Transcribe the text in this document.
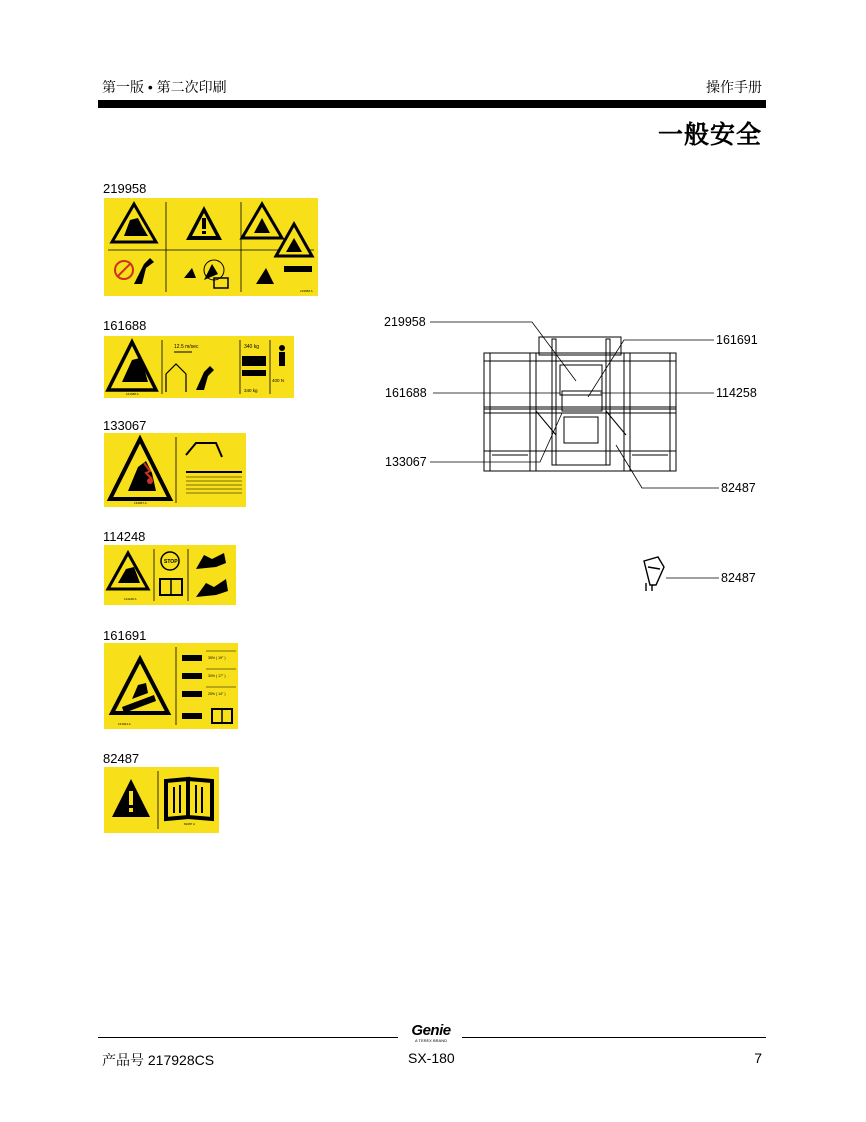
第一版 • 第二次印刷	操作手册
一般安全
219958
219958 A
161688
12.5 m/sec	340 kg
400 N
340 kg
161688 A
133067
133067 A
114248
STOP
114248 A
161691
35% ( 19° )
30% ( 17° )
25% ( 14° )
161691 A
82487
82487 A
219958
161688
133067
161691
114258
82487
82487
Genie
A TEREX BRAND
产品号 217928CS	SX-180	7
